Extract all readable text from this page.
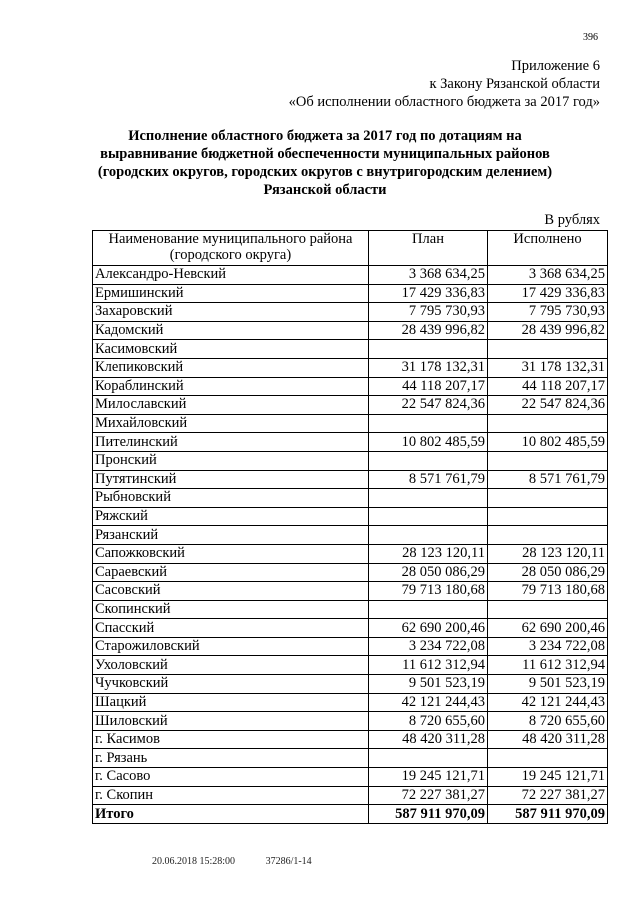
396
Приложение 6
к Закону Рязанской области
«Об исполнении областного бюджета за 2017 год»
Исполнение областного бюджета за 2017 год по дотациям на
выравнивание бюджетной обеспеченности муниципальных районов
(городских округов, городских округов с внутригородским делением)
Рязанской области
В рублях
Наименование муниципального района (городского округа)	План	Исполнено
Александро-Невский	3 368 634,25	3 368 634,25
Ермишинский	17 429 336,83	17 429 336,83
Захаровский	7 795 730,93	7 795 730,93
Кадомский	28 439 996,82	28 439 996,82
Касимовский		
Клепиковский	31 178 132,31	31 178 132,31
Кораблинский	44 118 207,17	44 118 207,17
Милославский	22 547 824,36	22 547 824,36
Михайловский		
Пителинский	10 802 485,59	10 802 485,59
Пронский		
Путятинский	8 571 761,79	8 571 761,79
Рыбновский		
Ряжский		
Рязанский		
Сапожковский	28 123 120,11	28 123 120,11
Сараевский	28 050 086,29	28 050 086,29
Сасовский	79 713 180,68	79 713 180,68
Скопинский		
Спасский	62 690 200,46	62 690 200,46
Старожиловский	3 234 722,08	3 234 722,08
Ухоловский	11 612 312,94	11 612 312,94
Чучковский	9 501 523,19	9 501 523,19
Шацкий	42 121 244,43	42 121 244,43
Шиловский	8 720 655,60	8 720 655,60
г. Касимов	48 420 311,28	48 420 311,28
г. Рязань		
г. Сасово	19 245 121,71	19 245 121,71
г. Скопин	72 227 381,27	72 227 381,27
Итого	587 911 970,09	587 911 970,09
20.06.2018 15:28:00	37286/1-14
